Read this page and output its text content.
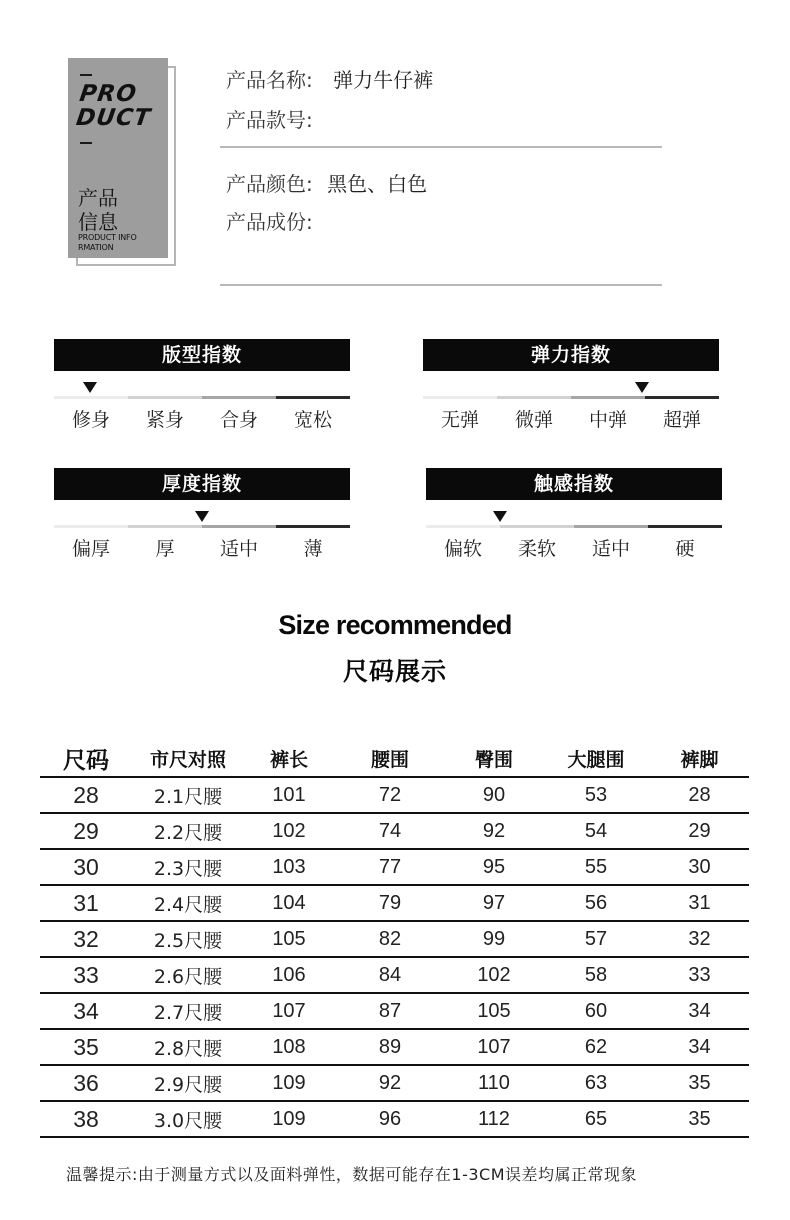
PRO
DUCT
产品
信息
PRODUCT INFO
RMATION
产品名称: 弹力牛仔裤
产品款号:
产品颜色: 黑色、白色
产品成份:
版型指数
修身	紧身	合身	宽松
弹力指数
无弹	微弹	中弹	超弹
厚度指数
偏厚	厚	适中	薄
触感指数
偏软	柔软	适中	硬
Size recommended
尺码展示
尺码	市尺对照	裤长	腰围	臀围	大腿围	裤脚
28	2.1尺腰	101	72	90	53	28
29	2.2尺腰	102	74	92	54	29
30	2.3尺腰	103	77	95	55	30
31	2.4尺腰	104	79	97	56	31
32	2.5尺腰	105	82	99	57	32
33	2.6尺腰	106	84	102	58	33
34	2.7尺腰	107	87	105	60	34
35	2.8尺腰	108	89	107	62	34
36	2.9尺腰	109	92	110	63	35
38	3.0尺腰	109	96	112	65	35
温馨提示:由于测量方式以及面料弹性，数据可能存在1-3CM误差均属正常现象
